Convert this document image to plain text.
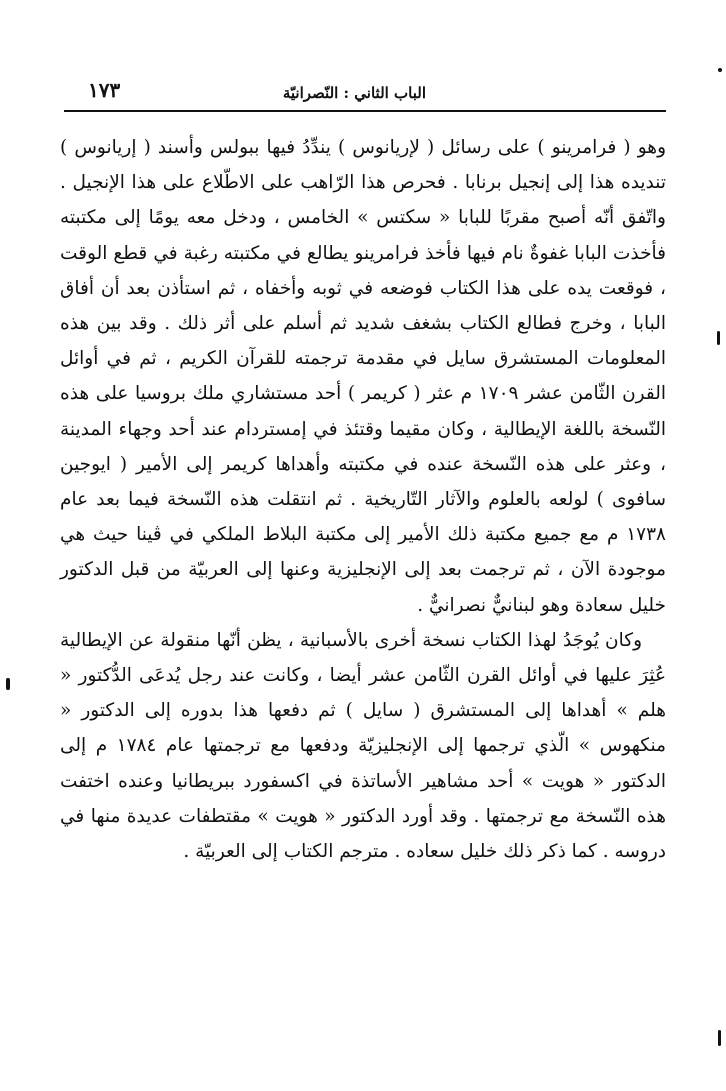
الباب الثاني : النّصرانيّة
١٧٣

وهو ( فرامرينو ) على رسائل ( لإريانوس ) يندِّدُ فيها ببولس وأسند ( إريانوس ) تنديده هذا إلى إنجيل برنابا . فحرص هذا الرّاهب على الاطّلاع على هذا الإنجيل . واتّفق أنّه أصبح مقربًا للبابا « سكتس » الخامس ، ودخل معه يومًا إلى مكتبته فأخذت البابا غفوةٌ نام فيها فأخذ فرامرينو يطالع في مكتبته رغبة في قطع الوقت ، فوقعت يده على هذا الكتاب فوضعه في ثوبه وأخفاه ، ثم استأذن بعد أن أفاق البابا ، وخرج فطالع الكتاب بشغف شديد ثم أسلم على أثر ذلك . وقد بين هذه المعلومات المستشرق سايل في مقدمة ترجمته للقرآن الكريم ، ثم في أوائل القرن الثّامن عشر ١٧٠٩ م عثر ( كريمر ) أحد مستشاري ملك بروسيا على هذه النّسخة باللغة الإيطالية ، وكان مقيما وقتئذ في إمستردام عند أحد وجهاء المدينة ، وعثر على هذه النّسخة عنده في مكتبته وأهداها كريمر إلى الأمير ( ايوجين سافوى ) لولعه بالعلوم والآثار التّاريخية . ثم انتقلت هذه النّسخة فيما بعد عام ١٧٣٨ م مع جميع مكتبة ذلك الأمير إلى مكتبة البلاط الملكي في ڤينا حيث هي موجودة الآن ، ثم ترجمت بعد إلى الإنجليزية وعنها إلى العربيّة من قبل الدكتور خليل سعادة وهو لبنانيٌّ نصرانيٌّ .

وكان يُوجَدُ لهذا الكتاب نسخة أخرى بالأسبانية ، يظن أنّها منقولة عن الإيطالية عُثِرَ عليها في أوائل القرن الثّامن عشر أيضا ، وكانت عند رجل يُدعَى الدُّكتور « هلم » أهداها إلى المستشرق ( سايل ) ثم دفعها هذا بدوره إلى الدكتور « منكهوس » الّذي ترجمها إلى الإنجليزيّة ودفعها مع ترجمتها عام ١٧٨٤ م إلى الدكتور « هويت » أحد مشاهير الأساتذة في اكسفورد ببريطانيا وعنده اختفت هذه النّسخة مع ترجمتها . وقد أورد الدكتور « هويت » مقتطفات عديدة منها في دروسه . كما ذكر ذلك خليل سعاده . مترجم الكتاب إلى العربيّة .
